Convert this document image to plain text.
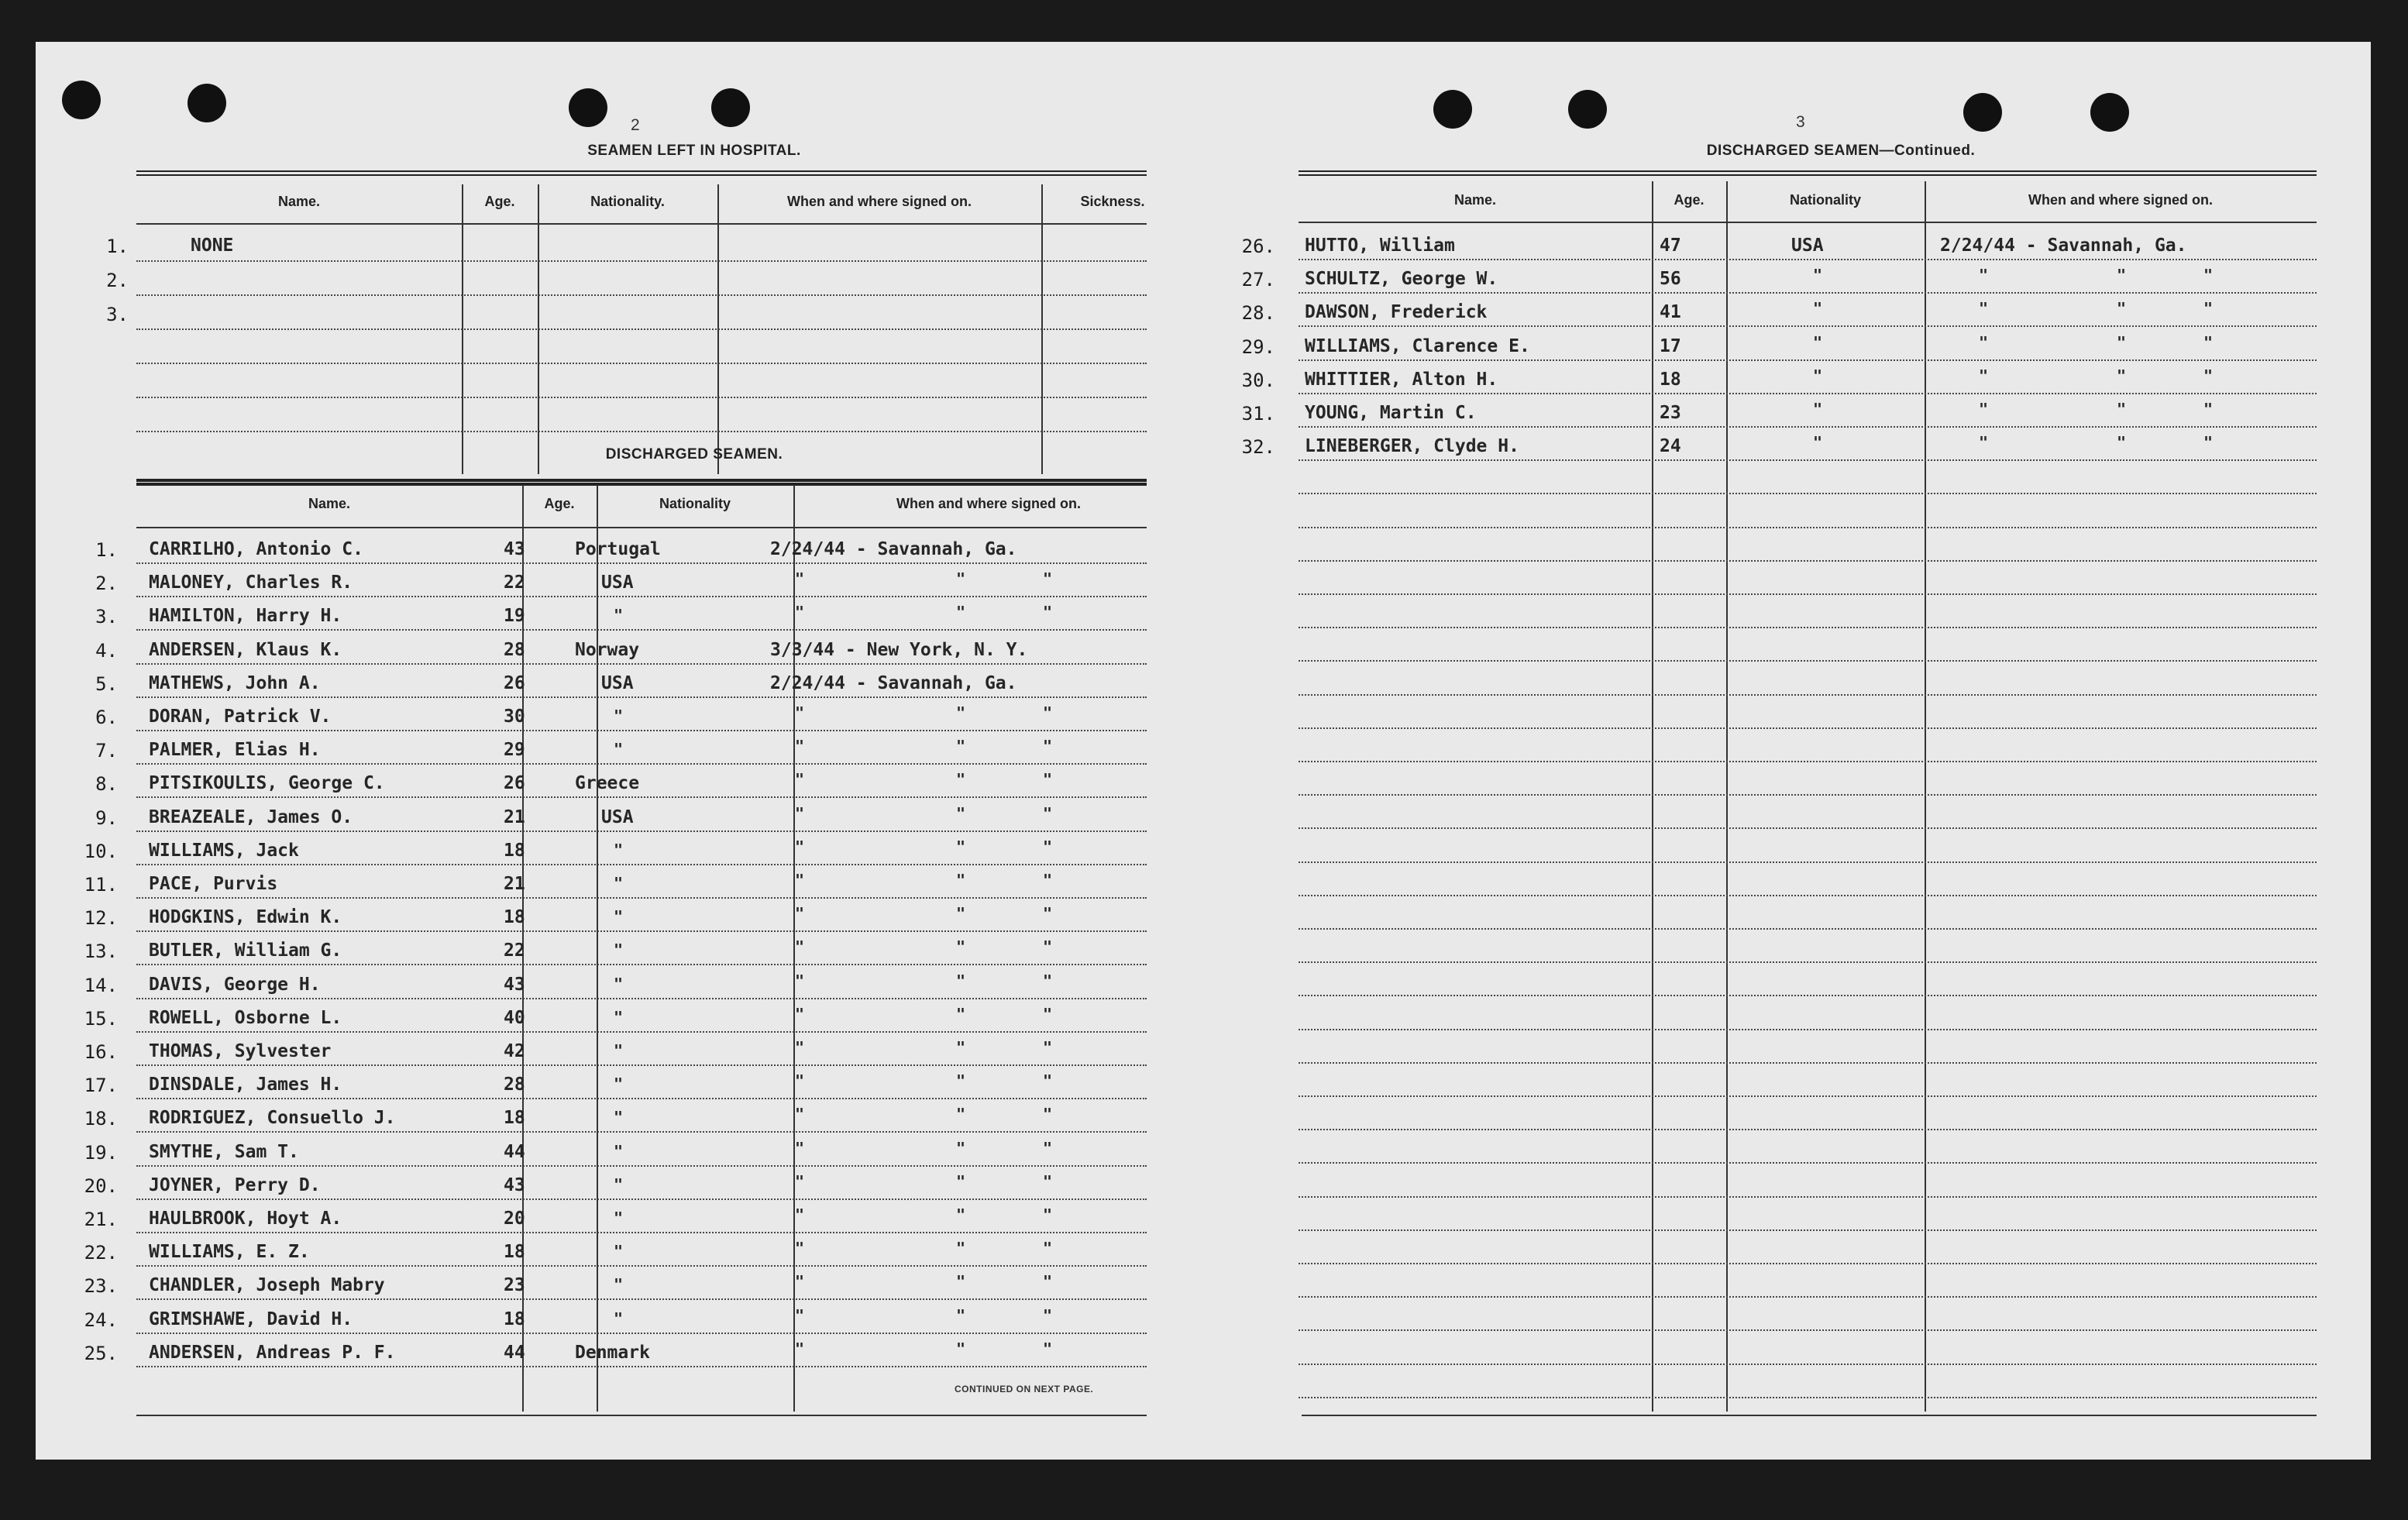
2
SEAMEN LEFT IN HOSPITAL.
Name.	Age.	Nationality.	When and where signed on.	Sickness.
1.	NONE
2.
3.
DISCHARGED SEAMEN.
Name.	Age.	Nationality	When and where signed on.
1. CARRILHO, Antonio C.	43	Portugal	2/24/44 - Savannah, Ga.
2. MALONEY, Charles R.	22	USA	"	"	"
3. HAMILTON, Harry H.	19	"	"	"	"
4. ANDERSEN, Klaus K.	28	Norway	3/3/44 - New York, N. Y.
5. MATHEWS, John A.	26	USA	2/24/44 - Savannah, Ga.
6. DORAN, Patrick V.	30	"	"	"	"
7. PALMER, Elias H.	29	"	"	"	"
8. PITSIKOULIS, George C.	26	Greece	"	"	"
9. BREAZEALE, James O.	21	USA	"	"	"
10. WILLIAMS, Jack	18	"	"	"	"
11. PACE, Purvis	21	"	"	"	"
12. HODGKINS, Edwin K.	18	"	"	"	"
13. BUTLER, William G.	22	"	"	"	"
14. DAVIS, George H.	43	"	"	"	"
15. ROWELL, Osborne L.	40	"	"	"	"
16. THOMAS, Sylvester	42	"	"	"	"
17. DINSDALE, James H.	28	"	"	"	"
18. RODRIGUEZ, Consuello J.	18	"	"	"	"
19. SMYTHE, Sam T.	44	"	"	"	"
20. JOYNER, Perry D.	43	"	"	"	"
21. HAULBROOK, Hoyt A.	20	"	"	"	"
22. WILLIAMS, E. Z.	18	"	"	"	"
23. CHANDLER, Joseph Mabry	23	"	"	"	"
24. GRIMSHAWE, David H.	18	"	"	"	"
25. ANDERSEN, Andreas P. F.	44	Denmark	"	"	"
CONTINUED ON NEXT PAGE.
3
DISCHARGED SEAMEN—Continued.
Name.	Age.	Nationality	When and where signed on.
26. HUTTO, William	47	USA	2/24/44 - Savannah, Ga.
27. SCHULTZ, George W.	56	"	"	"	"
28. DAWSON, Frederick	41	"	"	"	"
29. WILLIAMS, Clarence E.	17	"	"	"	"
30. WHITTIER, Alton H.	18	"	"	"	"
31. YOUNG, Martin C.	23	"	"	"	"
32. LINEBERGER, Clyde H.	24	"	"	"	"
